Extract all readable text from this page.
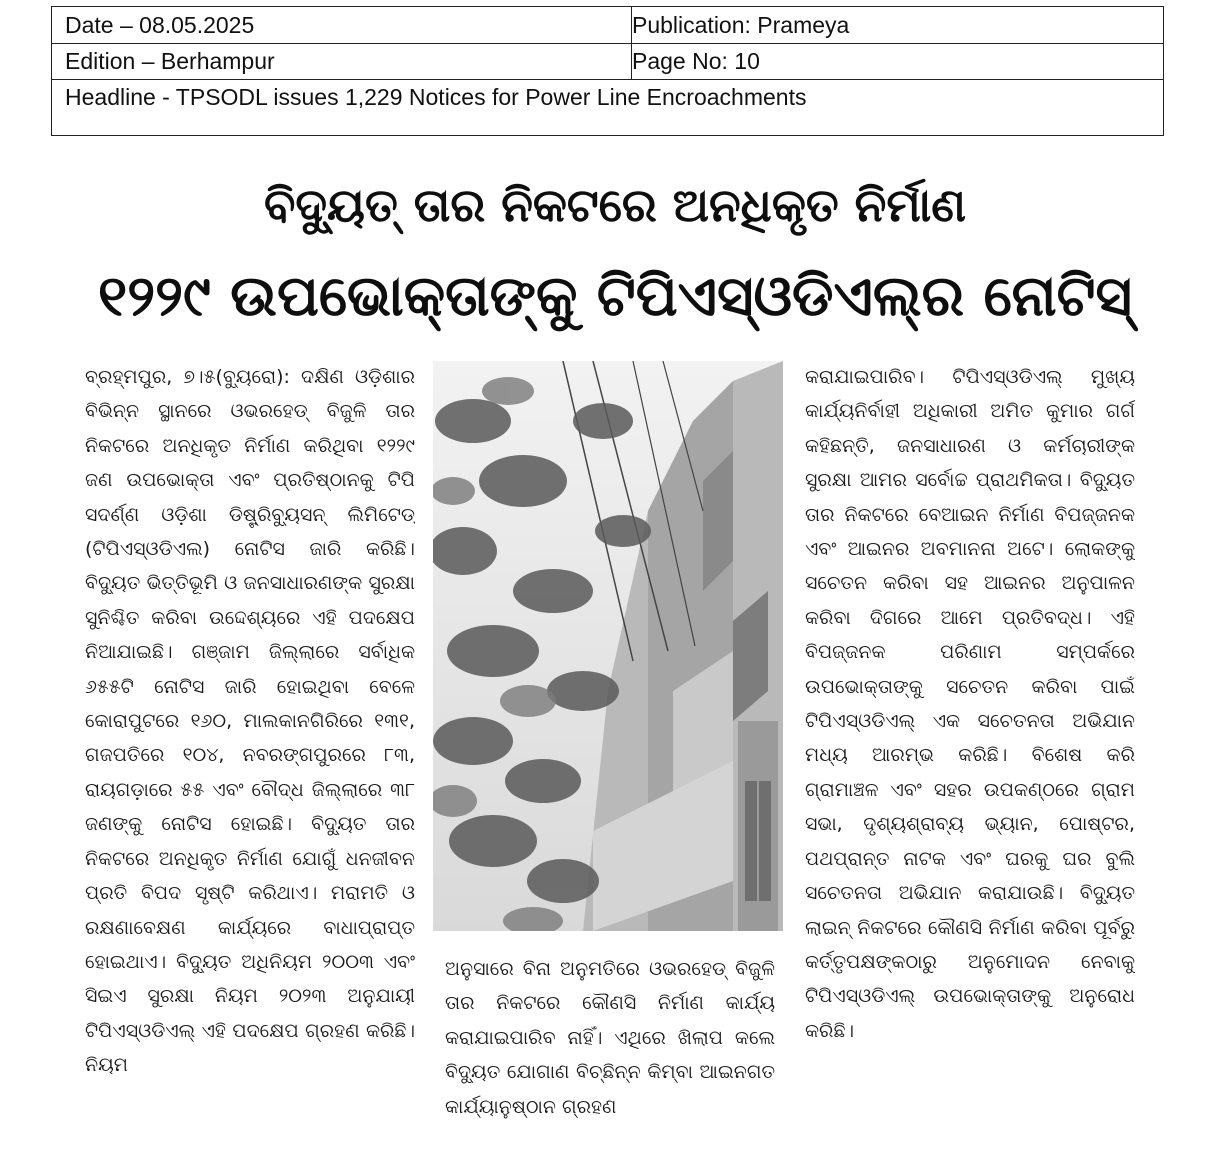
Date – 08.05.2025	Publication: Prameya
Edition – Berhampur	Page No: 10
Headline - TPSODL issues 1,229 Notices for Power Line Encroachments
ବିଦ୍ୟୁତ୍ ତାର ନିକଟରେ ଅନଧିକୃତ ନିର୍ମାଣ
୧୨୨୯ ଉପଭୋକ୍ତାଙ୍କୁ ଟିପିଏସ୍ଓଡିଏଲ୍‌ର ନୋଟିସ୍
ବ୍ରହ୍ମପୁର, ୭।୫(ବ୍ୟୁରୋ): ଦକ୍ଷିଣ ଓଡ଼ିଶାର ବିଭିନ୍ନ ସ୍ଥାନରେ ଓଭରହେଡ୍ ବିଜୁଳି ତାର ନିକଟରେ ଅନଧିକୃତ ନିର୍ମାଣ କରିଥିବା ୧୨୨୯ ଜଣ ଉପଭୋକ୍ତା ଏବଂ ପ୍ରତିଷ୍ଠାନକୁ ଟିପି ସଦର୍ଣ୍ଣ ଓଡ଼ିଶା ଡିଷ୍ଟ୍ରିବ୍ୟୁସନ୍ ଲିମିଟେଡ୍ (ଟିପିଏସ୍ଓଡିଏଲ) ନୋଟିସ ଜାରି କରିଛି। ବିଦ୍ୟୁତ ଭିତ୍ତିଭୂମି ଓ ଜନସାଧାରଣଙ୍କ ସୁରକ୍ଷା ସୁନିଶ୍ଚିତ କରିବା ଉଦ୍ଦେଶ୍ୟରେ ଏହି ପଦକ୍ଷେପ ନିଆଯାଇଛି। ଗଞ୍ଜାମ ଜିଲ୍ଲାରେ ସର୍ବାଧିକ ୬୫୫ଟି ନୋଟିସ ଜାରି ହୋଇଥିବା ବେଳେ କୋରାପୁଟରେ ୧୬୦, ମାଲକାନଗିରିରେ ୧୩୧, ଗଜପତିରେ ୧୦୪, ନବରଙ୍ଗପୁରରେ ୮୩, ରାୟଗଡ଼ାରେ ୫୫ ଏବଂ ବୌଦ୍ଧ ଜିଲ୍ଲାରେ ୩୮ ଜଣଙ୍କୁ ନୋଟିସ ହୋଇଛି। ବିଦ୍ୟୁତ ତାର ନିକଟରେ ଅନଧିକୃତ ନିର୍ମାଣ ଯୋଗୁଁ ଧନଜୀବନ ପ୍ରତି ବିପଦ ସୃଷ୍ଟି କରିଥାଏ। ମରାମତି ଓ ରକ୍ଷଣାବେକ୍ଷଣ କାର୍ଯ୍ୟରେ ବାଧାପ୍ରାପ୍ତ ହୋଇଥାଏ। ବିଦ୍ୟୁତ ଅଧିନିୟମ ୨୦୦୩ ଏବଂ ସିଇଏ ସୁରକ୍ଷା ନିୟମ ୨୦୨୩ ଅନୁଯାୟୀ ଟିପିଏସ୍ଓଡିଏଲ୍ ଏହି ପଦକ୍ଷେପ ଗ୍ରହଣ କରିଛି। ନିୟମ
ଅନୁସାରେ ବିନା ଅନୁମତିରେ ଓଭରହେଡ୍ ବିଜୁଳି ତାର ନିକଟରେ କୌଣସି ନିର୍ମାଣ କାର୍ଯ୍ୟ କରାଯାଇପାରିବ ନାହିଁ। ଏଥିରେ ଖିଲାପ କଲେ ବିଦ୍ୟୁତ ଯୋଗାଣ ବିଚ୍ଛିନ୍ନ କିମ୍ବା ଆଇନଗତ କାର୍ଯ୍ୟାନୁଷ୍ଠାନ ଗ୍ରହଣ
କରାଯାଇପାରିବ। ଟିପିଏସ୍ଓଡିଏଲ୍ ମୁଖ୍ୟ କାର୍ଯ୍ୟନିର୍ବାହୀ ଅଧିକାରୀ ଅମିତ କୁମାର ଗର୍ଗ କହିଛନ୍ତି, ଜନସାଧାରଣ ଓ କର୍ମଚାରୀଙ୍କ ସୁରକ୍ଷା ଆମର ସର୍ବୋଚ୍ଚ ପ୍ରାଥମିକତା। ବିଦ୍ୟୁତ ତାର ନିକଟରେ ବେଆଇନ ନିର୍ମାଣ ବିପଜ୍ଜନକ ଏବଂ ଆଇନର ଅବମାନନା ଅଟେ। ଲୋକଙ୍କୁ ସଚେତନ କରିବା ସହ ଆଇନର ଅନୁପାଳନ କରିବା ଦିଗରେ ଆମେ ପ୍ରତିବଦ୍ଧ। ଏହି ବିପଜ୍ଜନକ ପରିଣାମ ସମ୍ପର୍କରେ ଉପଭୋକ୍ତାଙ୍କୁ ସଚେତନ କରିବା ପାଇଁ ଟିପିଏସ୍ଓଡିଏଲ୍ ଏକ ସଚେତନତା ଅଭିଯାନ ମଧ୍ୟ ଆରମ୍ଭ କରିଛି। ବିଶେଷ କରି ଗ୍ରାମାଞ୍ଚଳ ଏବଂ ସହର ଉପକଣ୍ଠରେ ଗ୍ରାମ ସଭା, ଦୃଶ୍ୟଶ୍ରାବ୍ୟ ଭ୍ୟାନ, ପୋଷ୍ଟର, ପଥପ୍ରାନ୍ତ ନାଟକ ଏବଂ ଘରକୁ ଘର ବୁଲି ସଚେତନତା ଅଭିଯାନ କରାଯାଉଛି। ବିଦ୍ୟୁତ ଲାଇନ୍ ନିକଟରେ କୌଣସି ନିର୍ମାଣ କରିବା ପୂର୍ବରୁ କର୍ତ୍ତୃପକ୍ଷଙ୍କଠାରୁ ଅନୁମୋଦନ ନେବାକୁ ଟିପିଏସ୍ଓଡିଏଲ୍ ଉପଭୋକ୍ତାଙ୍କୁ ଅନୁରୋଧ କରିଛି।
